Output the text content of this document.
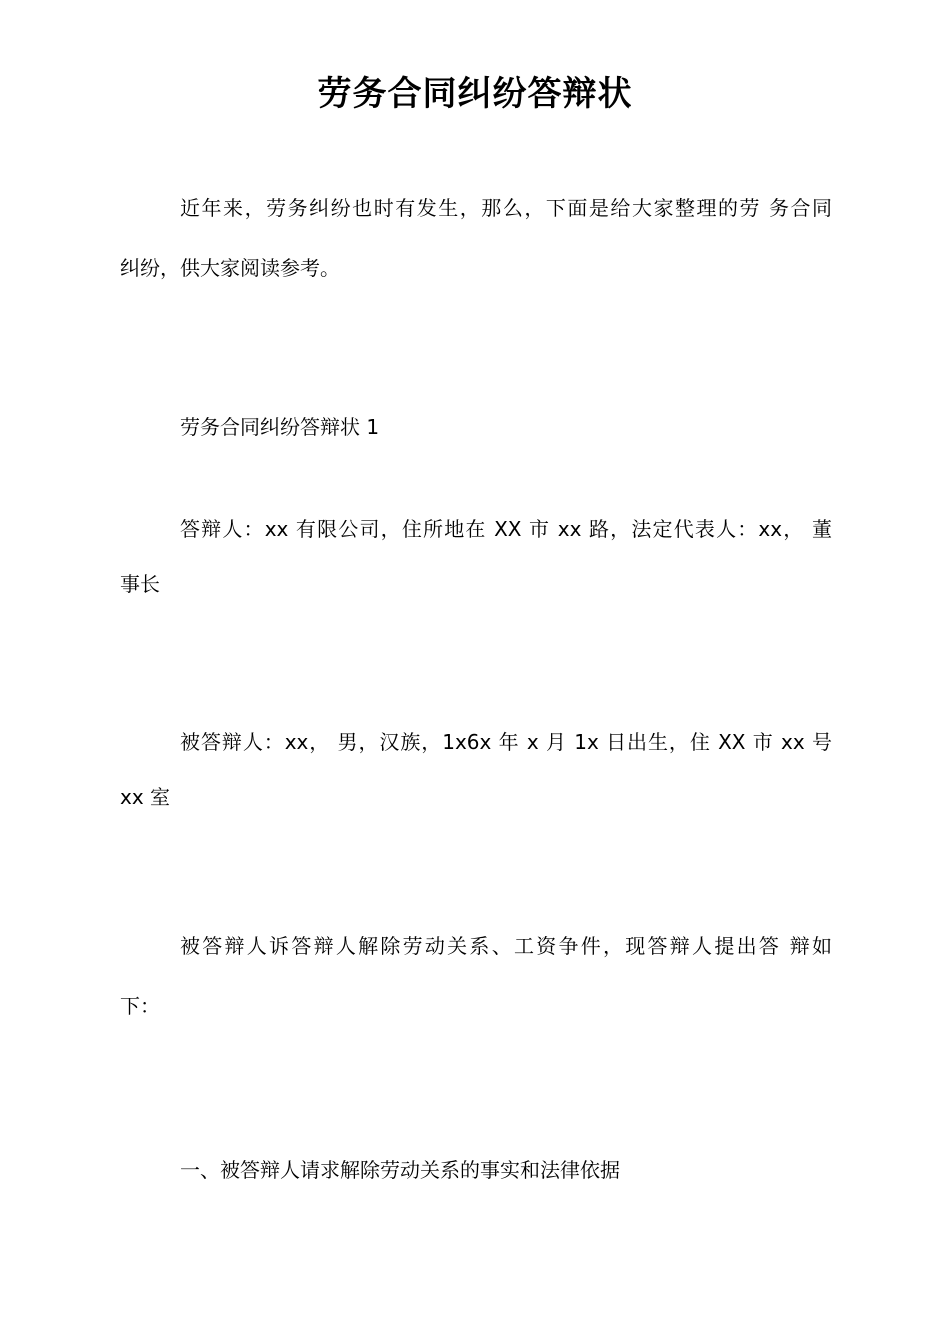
劳务合同纠纷答辩状
近年来，劳务纠纷也时有发生，那么，下面是给大家整理的劳 务合同
纠纷，供大家阅读参考。
劳务合同纠纷答辩状 1
答辩人：xx 有限公司，住所地在 XX 市 xx 路，法定代表人：xx， 董
事长
被答辩人：xx， 男，汉族，1x6x 年 x 月 1x 日出生，住 XX 市 xx 号
xx 室
被答辩人诉答辩人解除劳动关系、工资争件，现答辩人提出答 辩如
下：
一、被答辩人请求解除劳动关系的事实和法律依据
